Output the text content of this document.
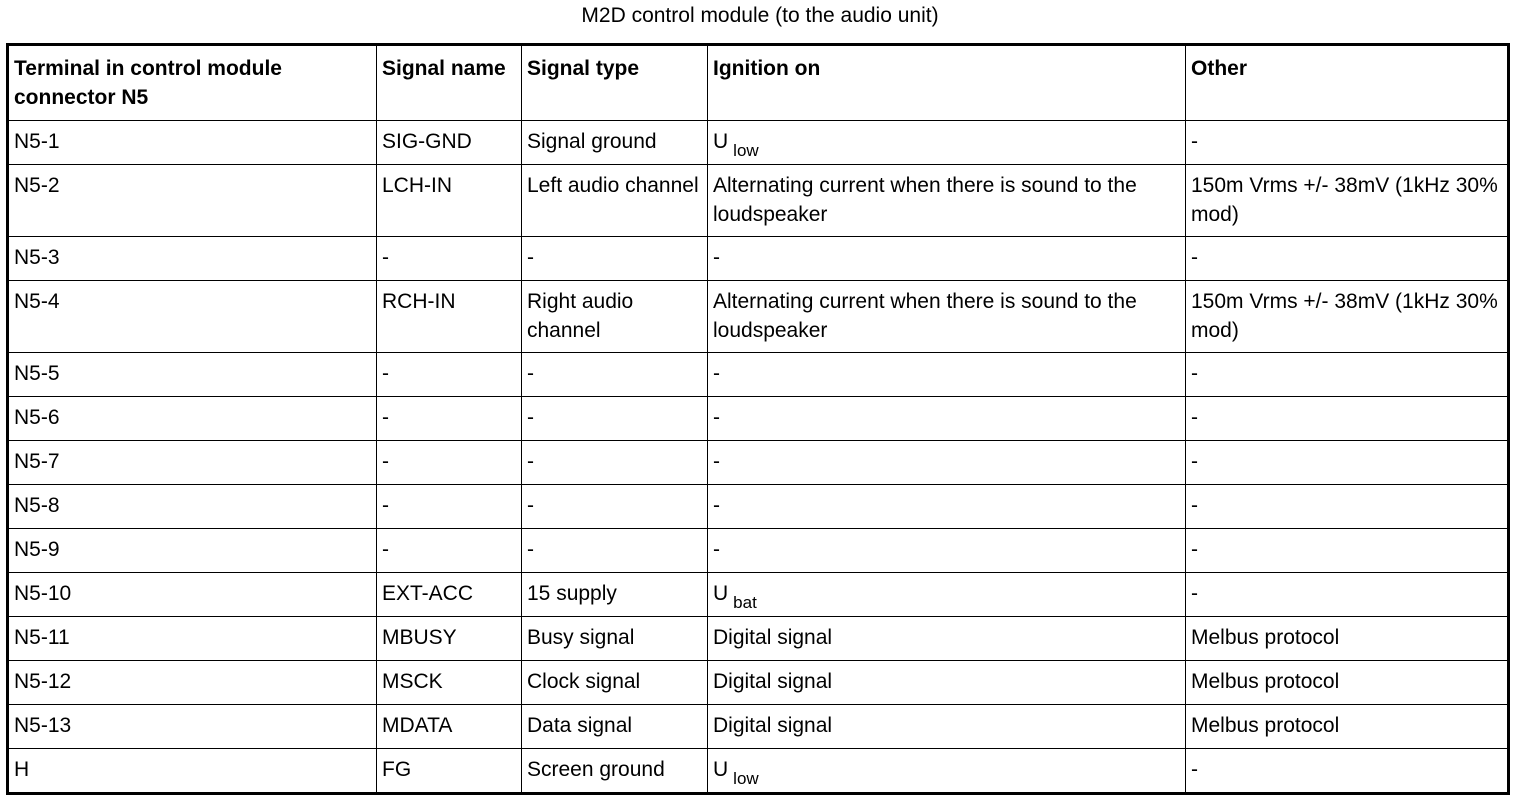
M2D control module (to the audio unit)
Terminal in control module connector N5	Signal name	Signal type	Ignition on	Other
N5-1	SIG-GND	Signal ground	U $_{low}$	-
N5-2	LCH-IN	Left audio channel	Alternating current when there is sound to the loudspeaker	150m Vrms +/- 38mV (1kHz 30% mod)
N5-3	-	-	-	-
N5-4	RCH-IN	Right audio channel	Alternating current when there is sound to the loudspeaker	150m Vrms +/- 38mV (1kHz 30% mod)
N5-5	-	-	-	-
N5-6	-	-	-	-
N5-7	-	-	-	-
N5-8	-	-	-	-
N5-9	-	-	-	-
N5-10	EXT-ACC	15 supply	U $_{bat}$	-
N5-11	MBUSY	Busy signal	Digital signal	Melbus protocol
N5-12	MSCK	Clock signal	Digital signal	Melbus protocol
N5-13	MDATA	Data signal	Digital signal	Melbus protocol
H	FG	Screen ground	U $_{low}$	-
